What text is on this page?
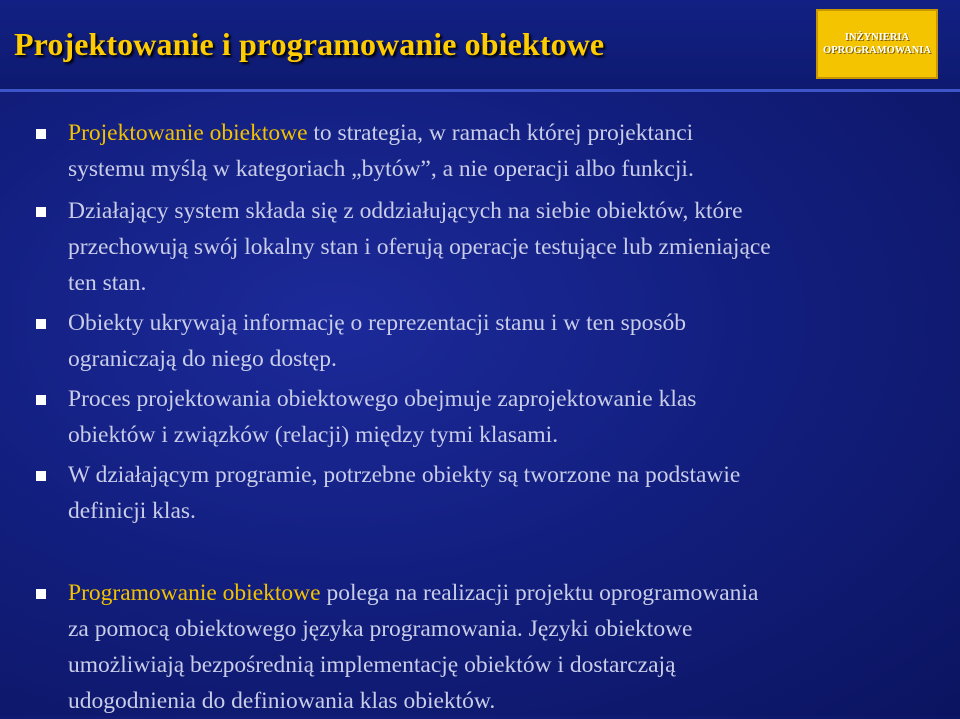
Projektowanie i programowanie obiektowe	INŻYNIERIA
OPROGRAMOWANIA

Projektowanie obiektowe to strategia, w ramach której projektanci
systemu myślą w kategoriach „bytów”, a nie operacji albo funkcji.

Działający system składa się z oddziałujących na siebie obiektów, które
przechowują swój lokalny stan i oferują operacje testujące lub zmieniające
ten stan.

Obiekty ukrywają informację o reprezentacji stanu i w ten sposób
ograniczają do niego dostęp.

Proces projektowania obiektowego obejmuje zaprojektowanie klas
obiektów i związków (relacji) między tymi klasami.

W działającym programie, potrzebne obiekty są tworzone na podstawie
definicji klas.

Programowanie obiektowe polega na realizacji projektu oprogramowania
za pomocą obiektowego języka programowania. Języki obiektowe
umożliwiają bezpośrednią implementację obiektów i dostarczają
udogodnienia do definiowania klas obiektów.
